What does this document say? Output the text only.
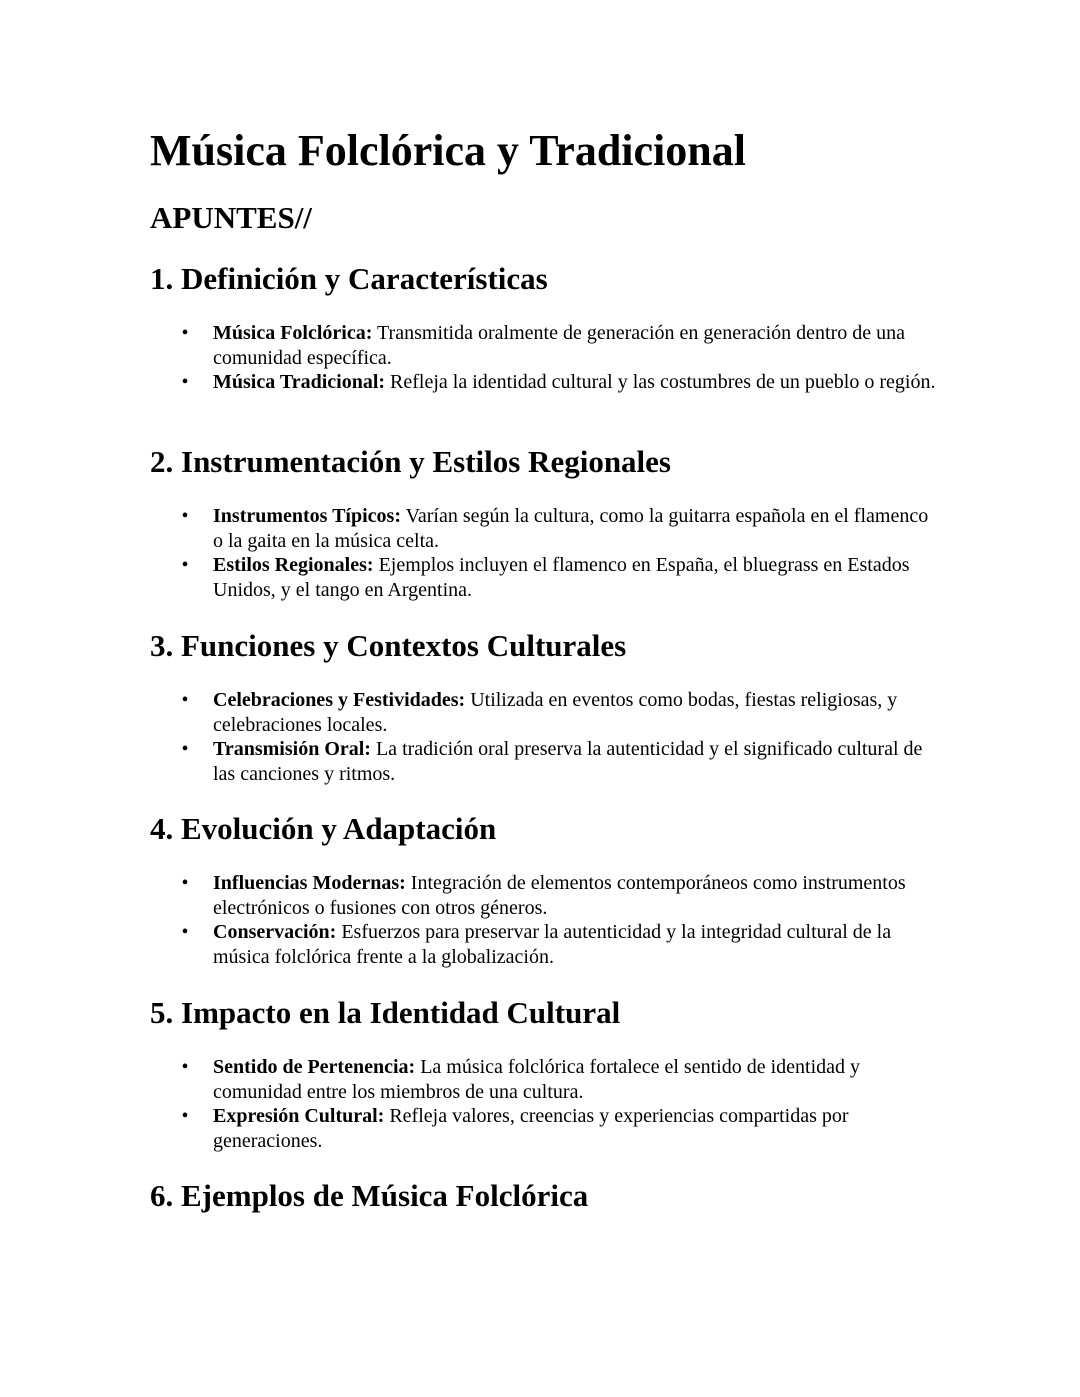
Música Folclórica y Tradicional
APUNTES//
1. Definición y Características
• Música Folclórica: Transmitida oralmente de generación en generación dentro de una comunidad específica.
• Música Tradicional: Refleja la identidad cultural y las costumbres de un pueblo o región.
2. Instrumentación y Estilos Regionales
• Instrumentos Típicos: Varían según la cultura, como la guitarra española en el flamenco o la gaita en la música celta.
• Estilos Regionales: Ejemplos incluyen el flamenco en España, el bluegrass en Estados Unidos, y el tango en Argentina.
3. Funciones y Contextos Culturales
• Celebraciones y Festividades: Utilizada en eventos como bodas, fiestas religiosas, y celebraciones locales.
• Transmisión Oral: La tradición oral preserva la autenticidad y el significado cultural de las canciones y ritmos.
4. Evolución y Adaptación
• Influencias Modernas: Integración de elementos contemporáneos como instrumentos electrónicos o fusiones con otros géneros.
• Conservación: Esfuerzos para preservar la autenticidad y la integridad cultural de la música folclórica frente a la globalización.
5. Impacto en la Identidad Cultural
• Sentido de Pertenencia: La música folclórica fortalece el sentido de identidad y comunidad entre los miembros de una cultura.
• Expresión Cultural: Refleja valores, creencias y experiencias compartidas por generaciones.
6. Ejemplos de Música Folclórica
